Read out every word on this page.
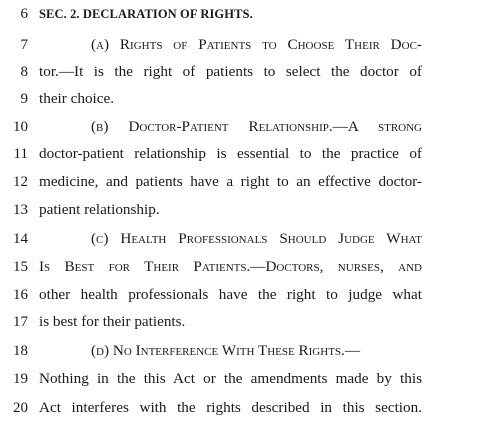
6 SEC. 2. DECLARATION OF RIGHTS.
7	(a) Rights of Patients to Choose Their Doc-
8 tor.—It is the right of patients to select the doctor of
9 their choice.
10	(b) Doctor-Patient Relationship.—A strong
11 doctor-patient relationship is essential to the practice of
12 medicine, and patients have a right to an effective doctor-
13 patient relationship.
14	(c) Health Professionals Should Judge What
15 Is Best for Their Patients.—Doctors, nurses, and
16 other health professionals have the right to judge what
17 is best for their patients.
18	(d) No Interference With These Rights.—
19 Nothing in the this Act or the amendments made by this
20 Act interferes with the rights described in this section.
